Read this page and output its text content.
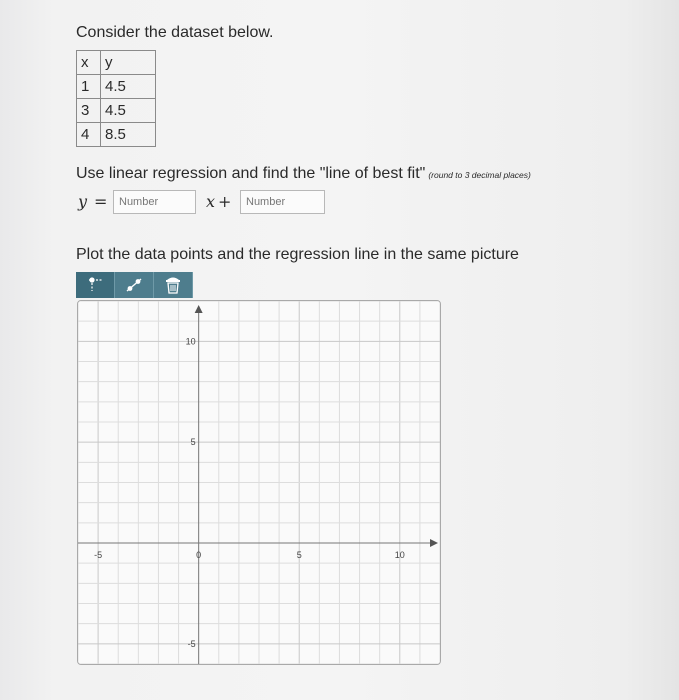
Consider the dataset below.
x	y
1	4.5
3	4.5
4	8.5
Use linear regression and find the "line of best fit" (round to 3 decimal places)
y =	Number	x +	Number
Plot the data points and the regression line in the same picture
-5	0	5	10
10
5
-5
